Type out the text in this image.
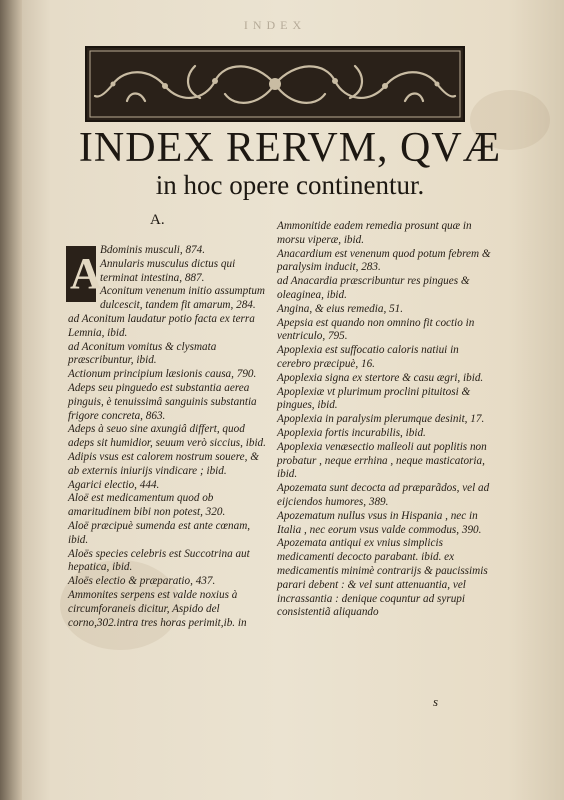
INDEX
INDEX RERVM, QVÆ
in hoc opere continentur.
A.
A

Bdominis musculi, 874.

Annularis musculus dictus qui terminat intestina, 887.

Aconitum venenum initio assumptum dulcescit, tandem fit amarum, 284.

ad Aconitum laudatur potio facta ex terra Lemnia, ibid.

ad Aconitum vomitus & clysmata præscribuntur, ibid.

Actionum principium læsionis causa, 790.

Adeps seu pinguedo est substantia aerea pinguis, è tenuissimâ sanguinis substantia frigore concreta, 863.

Adeps à seuo sine axungiâ differt, quod adeps sit humidior, seuum verò siccius, ibid.

Adipis vsus est calorem nostrum souere, & ab externis iniurijs vindicare ; ibid.

Agarici electio, 444.

Aloë est medicamentum quod ob amaritudinem bibi non potest, 320.

Aloë præcipuè sumenda est ante cœnam, ibid.

Aloës species celebris est Succotrina aut hepatica, ibid.

Aloës electio & præparatio, 437.

Ammonites serpens est valde noxius à circumforaneis dicitur, Aspido del corno,302.intra tres horas perimit,ib. in

Ammonitide eadem remedia prosunt quæ in morsu viperæ, ibid.

Anacardium est venenum quod potum febrem & paralysim inducit, 283.

ad Anacardia præscribuntur res pingues & oleaginea, ibid.

Angina, & eius remedia, 51.

Apepsia est quando non omnino fit coctio in ventriculo, 795.

Apoplexia est suffocatio caloris natiui in cerebro præcipuè, 16.

Apoplexia signa ex stertore & casu ægri, ibid.

Apoplexiæ vt plurimum proclini pituitosi & pingues, ibid.

Apoplexia in paralysim plerumque desinit, 17.

Apoplexia fortis incurabilis, ibid.

Apoplexia venæsectio malleoli aut poplitis non probatur , neque errhina , neque masticatoria, ibid.

Apozemata sunt decocta ad præparãdos, vel ad eijciendos humores, 389.

Apozematum nullus vsus in Hispania , nec in Italia , nec eorum vsus valde commodus, 390.

Apozemata antiqui ex vnius simplicis medicamenti decocto parabant. ibid. ex medicamentis minimè contrarijs & paucissimis parari debent : & vel sunt attenuantia, vel incrassantia : denique coquntur ad syrupi consistentiã aliquando

s
